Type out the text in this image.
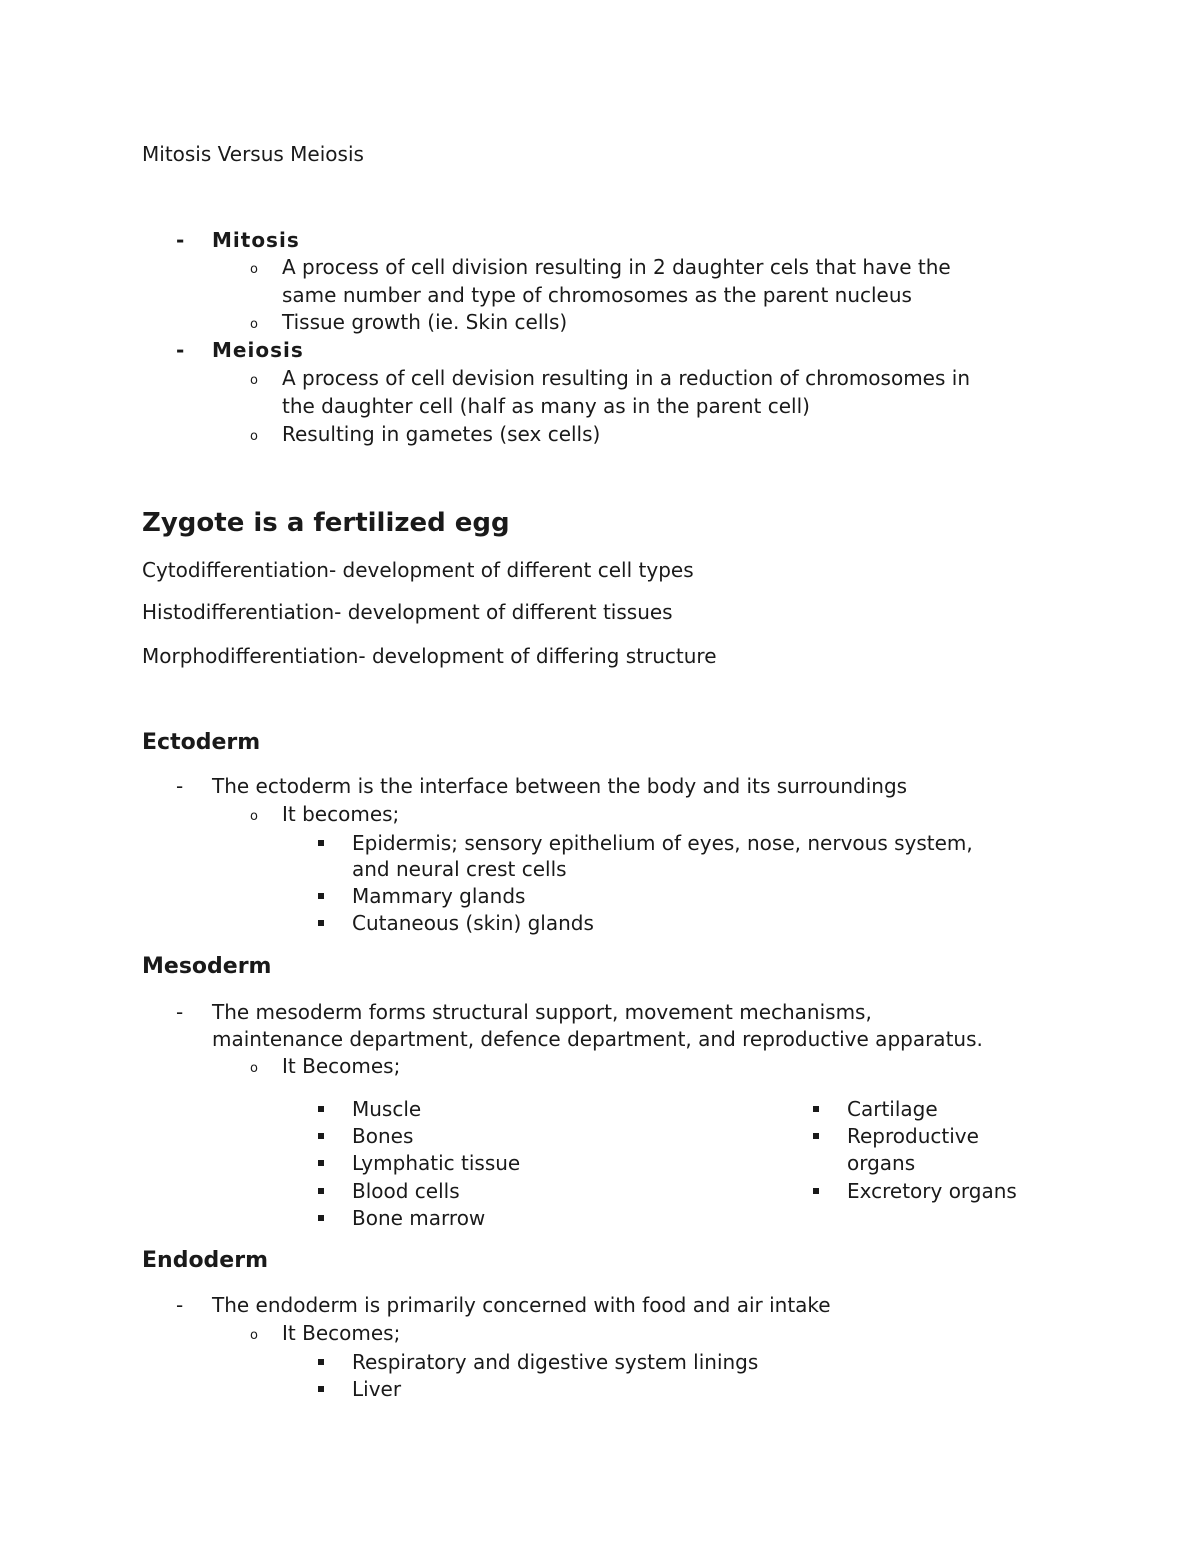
Mitosis Versus Meiosis
- Mitosis
o A process of cell division resulting in 2 daughter cels that have the
same number and type of chromosomes as the parent nucleus
o Tissue growth (ie. Skin cells)
- Meiosis
o A process of cell devision resulting in a reduction of chromosomes in
the daughter cell (half as many as in the parent cell)
o Resulting in gametes (sex cells)
Zygote is a fertilized egg
Cytodifferentiation- development of different cell types
Histodifferentiation- development of different tissues
Morphodifferentiation- development of differing structure
Ectoderm
- The ectoderm is the interface between the body and its surroundings
o It becomes;
Epidermis; sensory epithelium of eyes, nose, nervous system,
and neural crest cells
Mammary glands
Cutaneous (skin) glands
Mesoderm
- The mesoderm forms structural support, movement mechanisms,
maintenance department, defence department, and reproductive apparatus.
o It Becomes;
Muscle
Bones
Lymphatic tissue
Blood cells
Bone marrow
Cartilage
Reproductive
organs
Excretory organs
Endoderm
- The endoderm is primarily concerned with food and air intake
o It Becomes;
Respiratory and digestive system linings
Liver
